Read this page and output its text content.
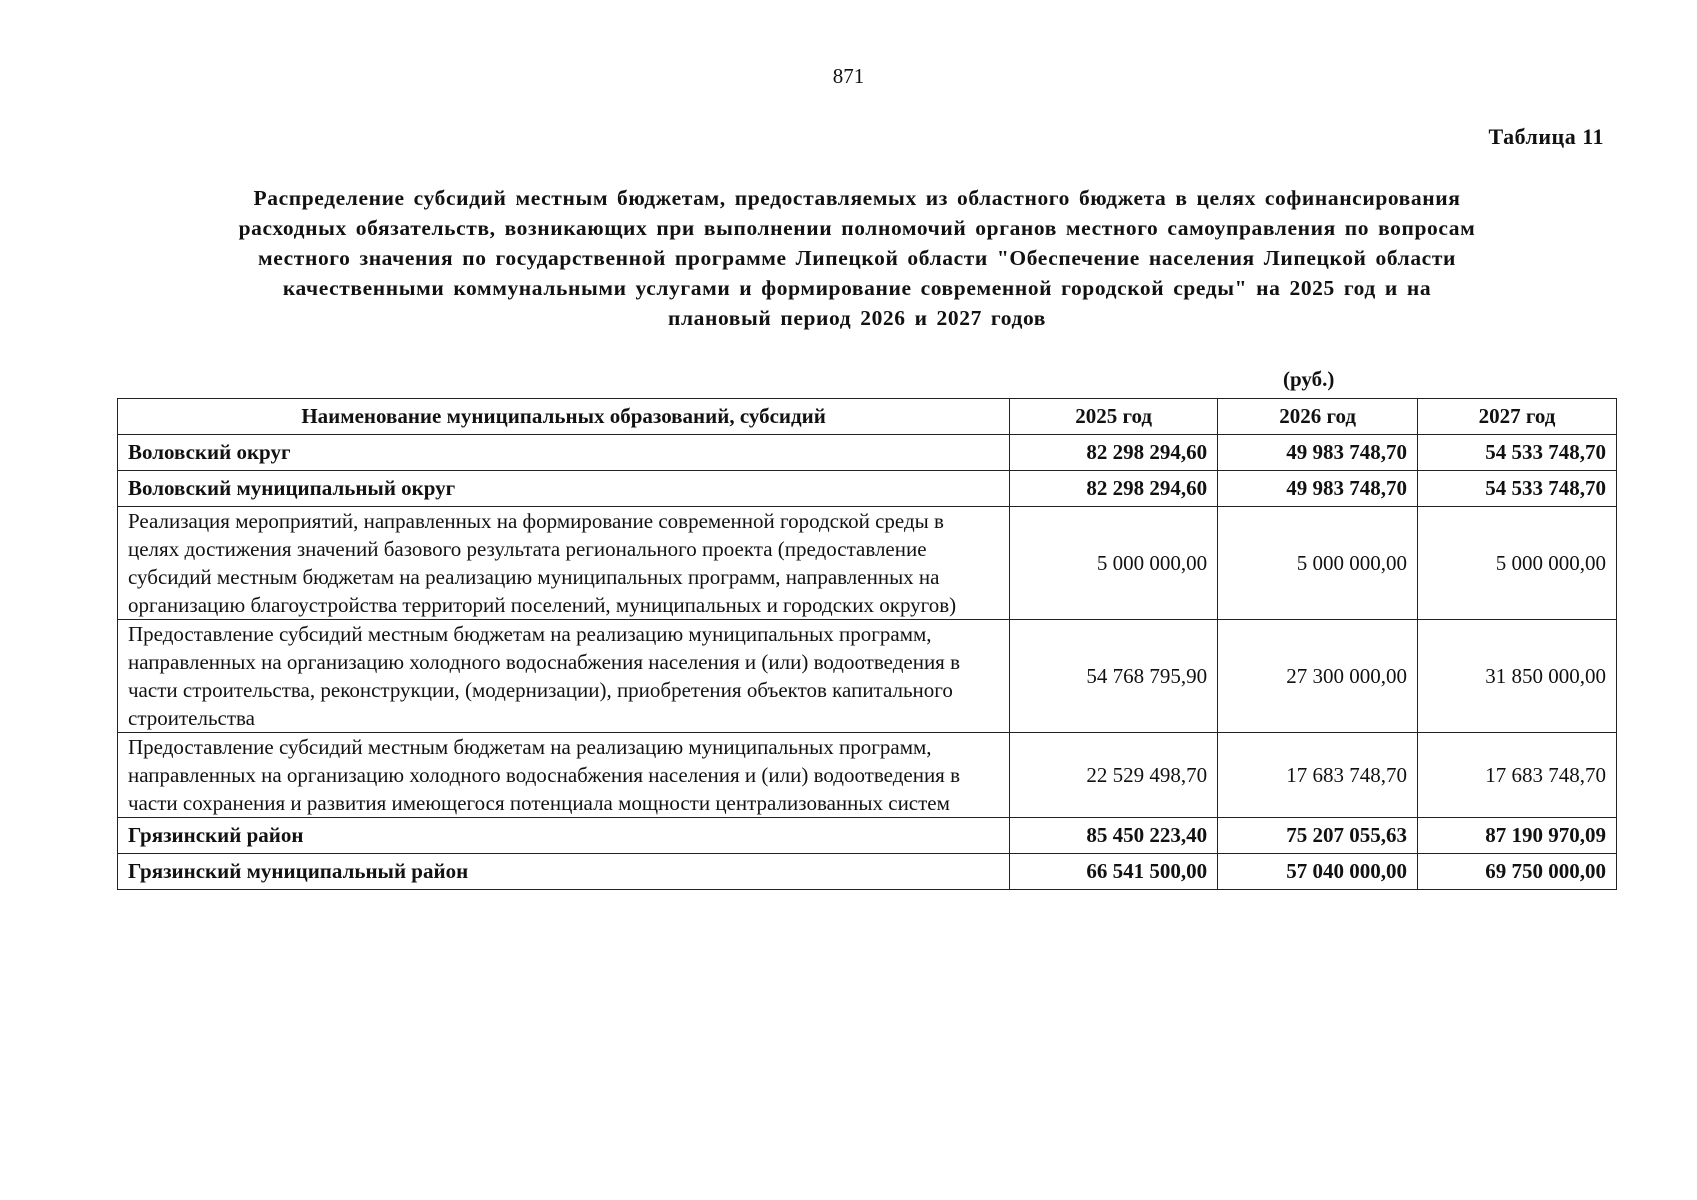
871
Таблица 11
Распределение субсидий местным бюджетам, предоставляемых из областного бюджета в целях софинансирования
расходных обязательств, возникающих при выполнении полномочий органов местного самоуправления по вопросам
местного значения по государственной программе Липецкой области "Обеспечение населения Липецкой области
качественными коммунальными услугами и формирование современной городской среды" на 2025 год и на
плановый период 2026 и 2027 годов
(руб.)
Наименование муниципальных образований, субсидий	2025 год	2026 год	2027 год
Воловский округ	82 298 294,60	49 983 748,70	54 533 748,70
Воловский муниципальный округ	82 298 294,60	49 983 748,70	54 533 748,70
Реализация мероприятий, направленных на формирование современной городской среды в целях достижения значений базового результата регионального проекта (предоставление субсидий местным бюджетам на реализацию муниципальных программ, направленных на организацию благоустройства территорий поселений, муниципальных и городских округов)	5 000 000,00	5 000 000,00	5 000 000,00
Предоставление субсидий местным бюджетам на реализацию муниципальных программ, направленных на организацию холодного водоснабжения населения и (или) водоотведения в части строительства, реконструкции, (модернизации), приобретения объектов капитального строительства	54 768 795,90	27 300 000,00	31 850 000,00
Предоставление субсидий местным бюджетам на реализацию муниципальных программ, направленных на организацию холодного водоснабжения населения и (или) водоотведения в части сохранения и развития имеющегося потенциала мощности централизованных систем	22 529 498,70	17 683 748,70	17 683 748,70
Грязинский район	85 450 223,40	75 207 055,63	87 190 970,09
Грязинский муниципальный район	66 541 500,00	57 040 000,00	69 750 000,00
